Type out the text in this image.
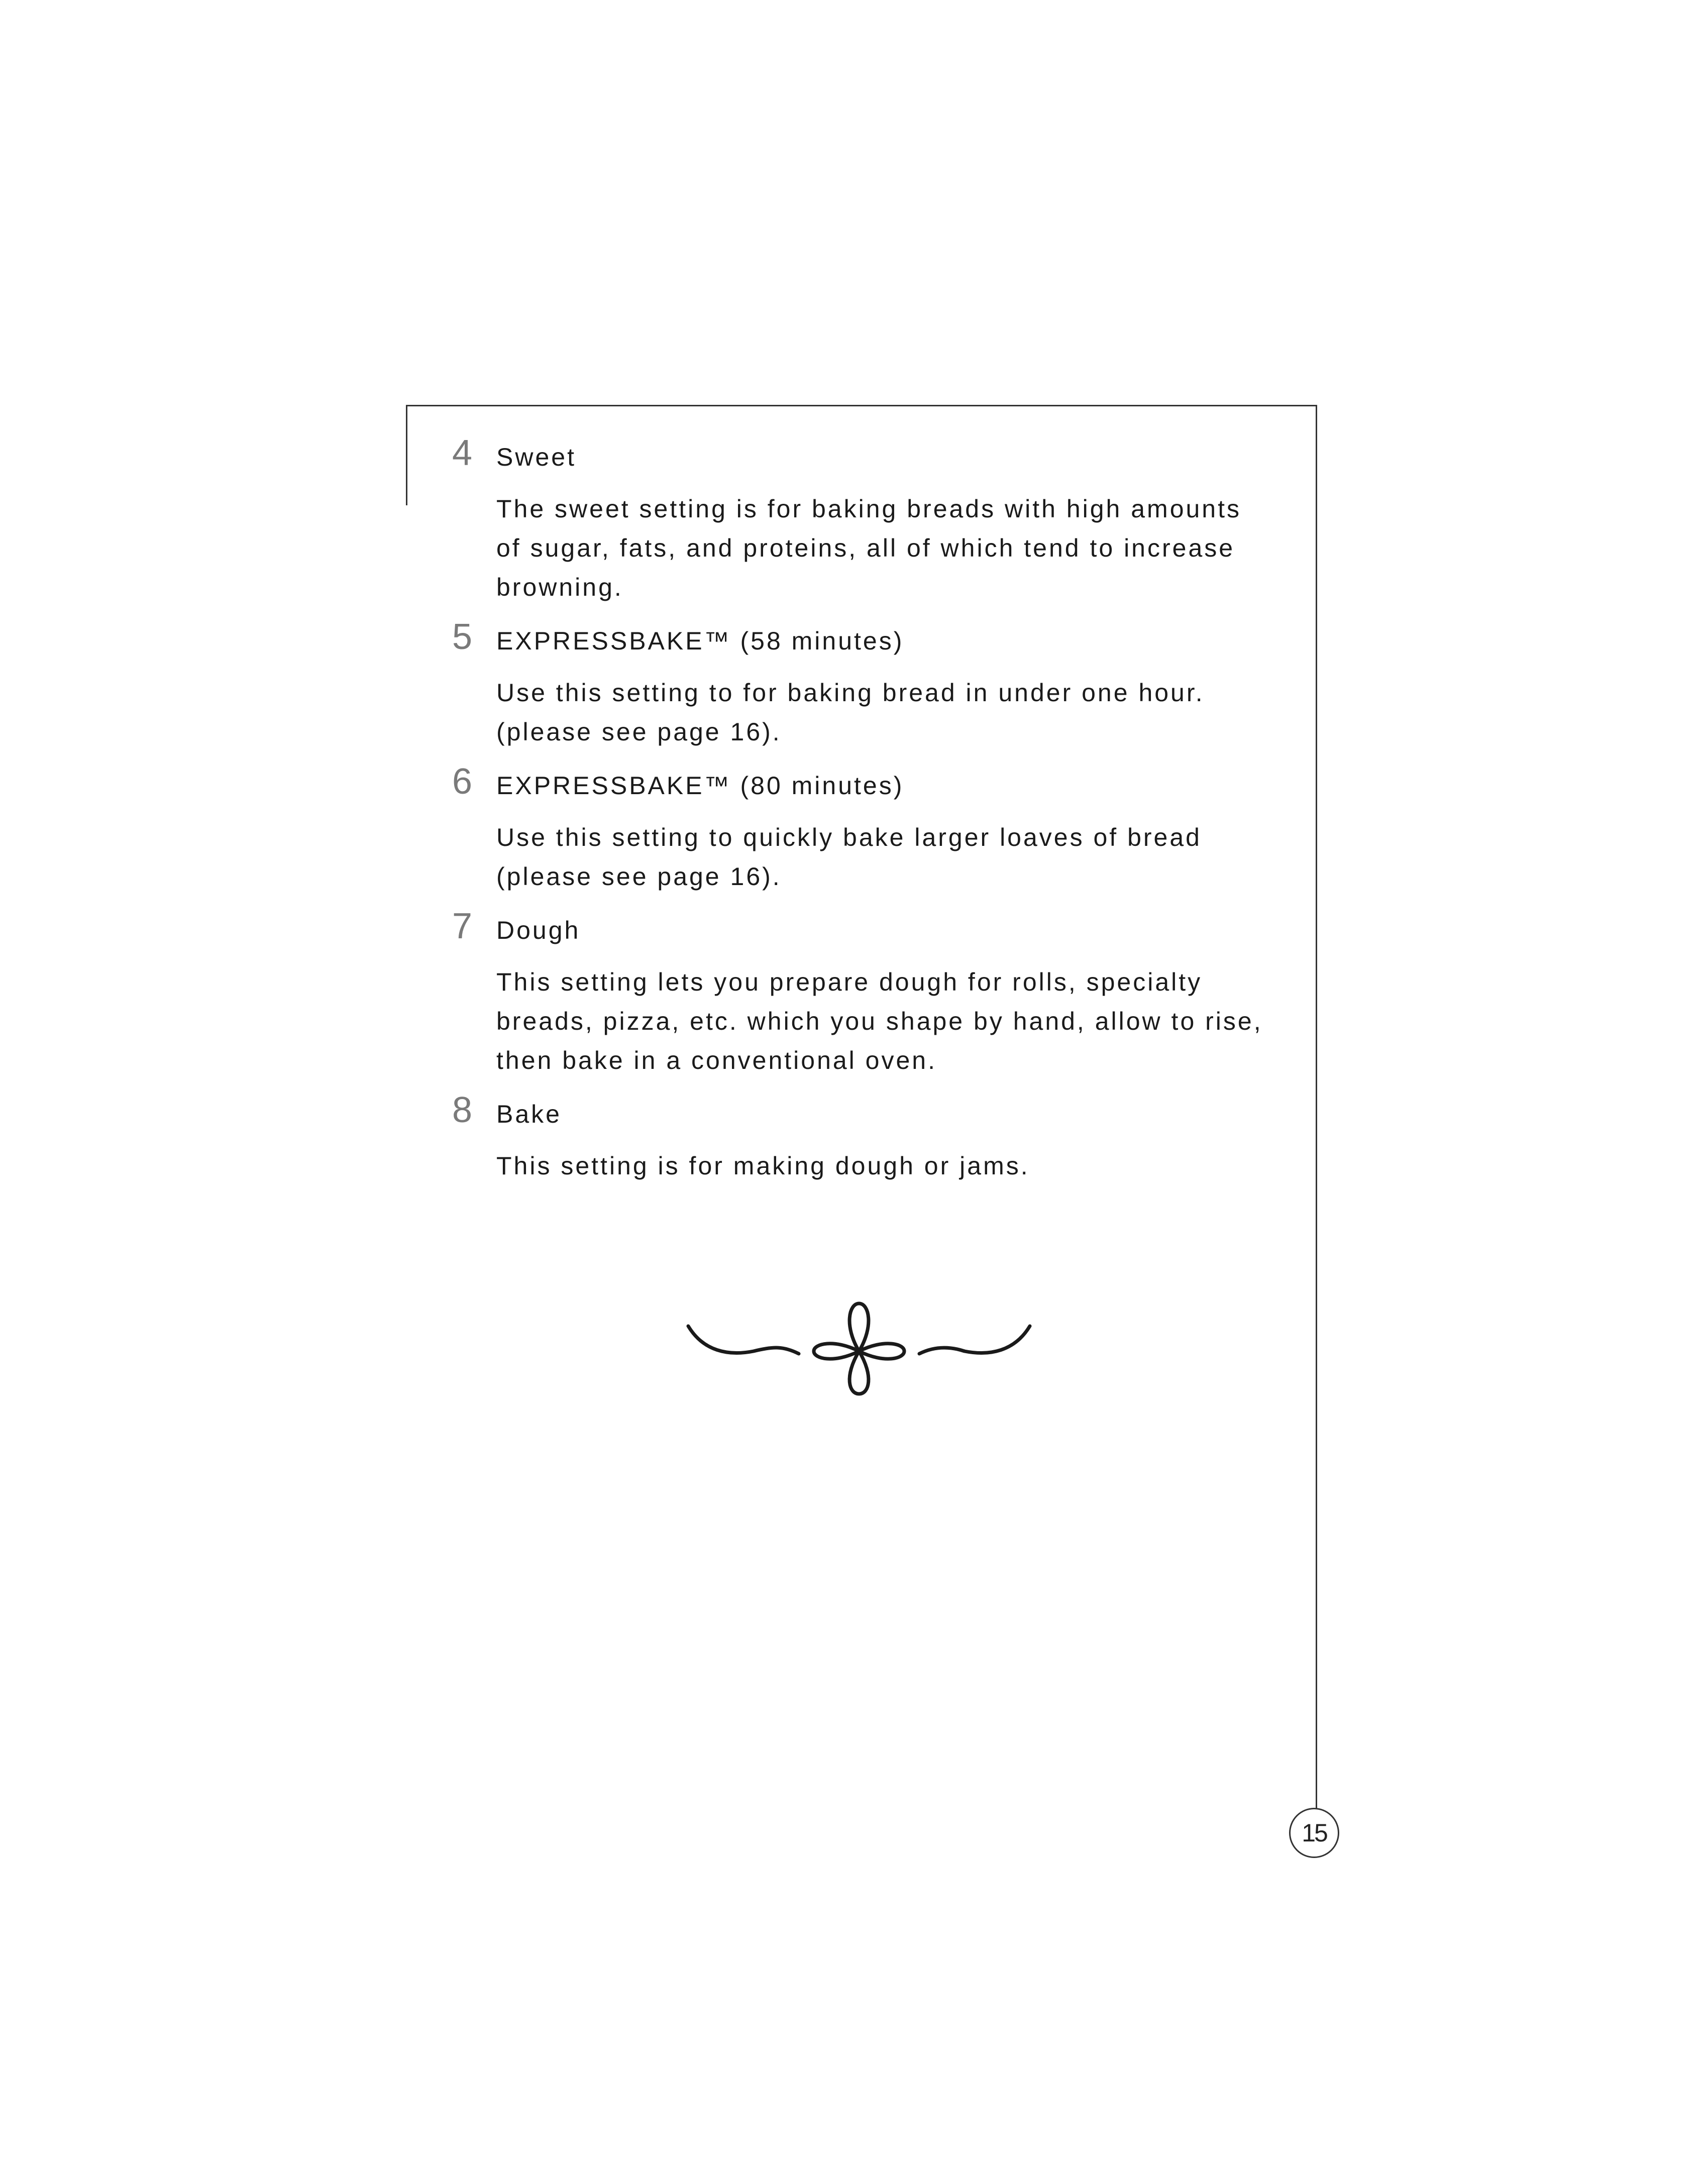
4 Sweet
The sweet setting is for baking breads with high amounts of sugar, fats, and proteins, all of which tend to increase browning.
5 EXPRESSBAKE™ (58 minutes)
Use this setting to for baking bread in under one hour. (please see page 16).
6 EXPRESSBAKE™ (80 minutes)
Use this setting to quickly bake larger loaves of bread (please see page 16).
7 Dough
This setting lets you prepare dough for rolls, specialty breads, pizza, etc. which you shape by hand, allow to rise, then bake in a conventional oven.
8 Bake
This setting is for making dough or jams.
15
